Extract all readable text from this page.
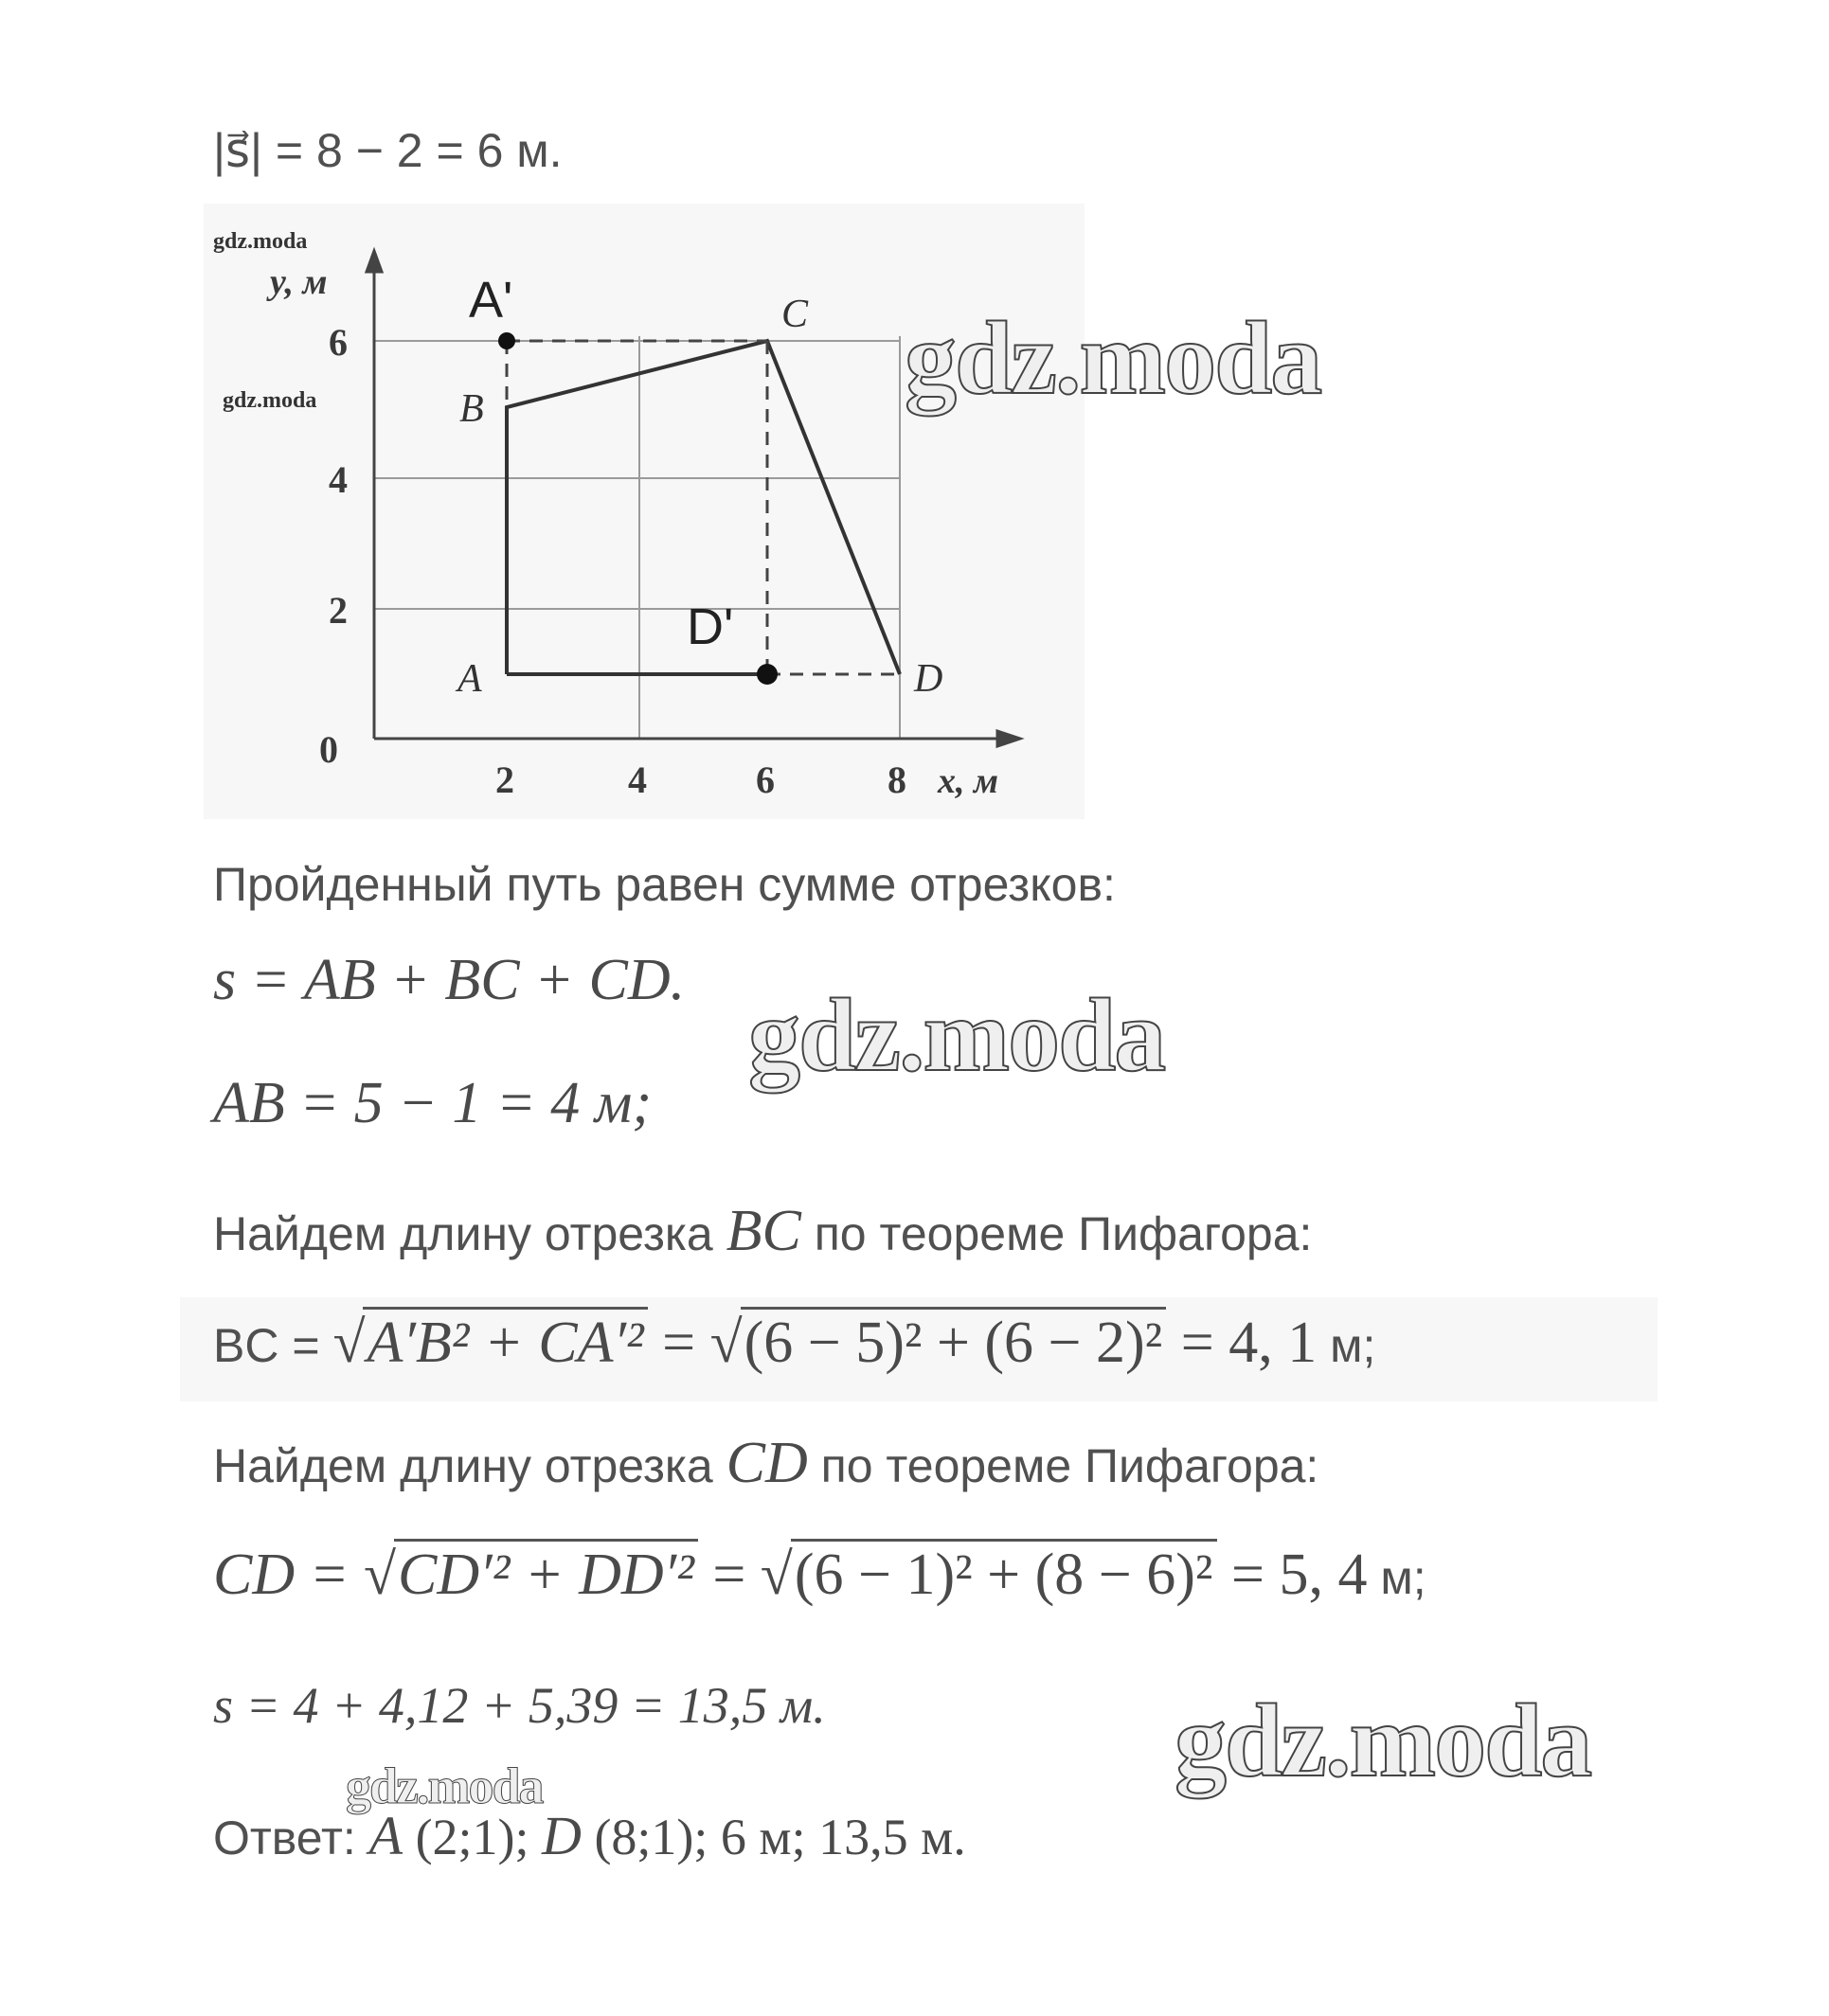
|s⃗| = 8 − 2 = 6 м.
6
4
2
0
2	4	6	8
y, м
x, м
B
C
A	D
A'
D'
gdz.moda
gdz.moda	gdz.moda
Пройденный путь равен сумме отрезков:
s = AB + BC + CD. gdz.moda
AB = 5 − 1 = 4 м;
Найдем длину отрезка BC по теореме Пифагора:
BC = √A′B² + CA′² = √(6 − 5)² + (6 − 2)² = 4, 1 м;
Найдем длину отрезка CD по теореме Пифагора:
CD = √CD′² + DD′² = √(6 − 1)² + (8 − 6)² = 5, 4 м;
s = 4 + 4,12 + 5,39 = 13,5 м.	gdz.moda
gdz.moda
Ответ: A (2;1); D (8;1); 6 м; 13,5 м.
